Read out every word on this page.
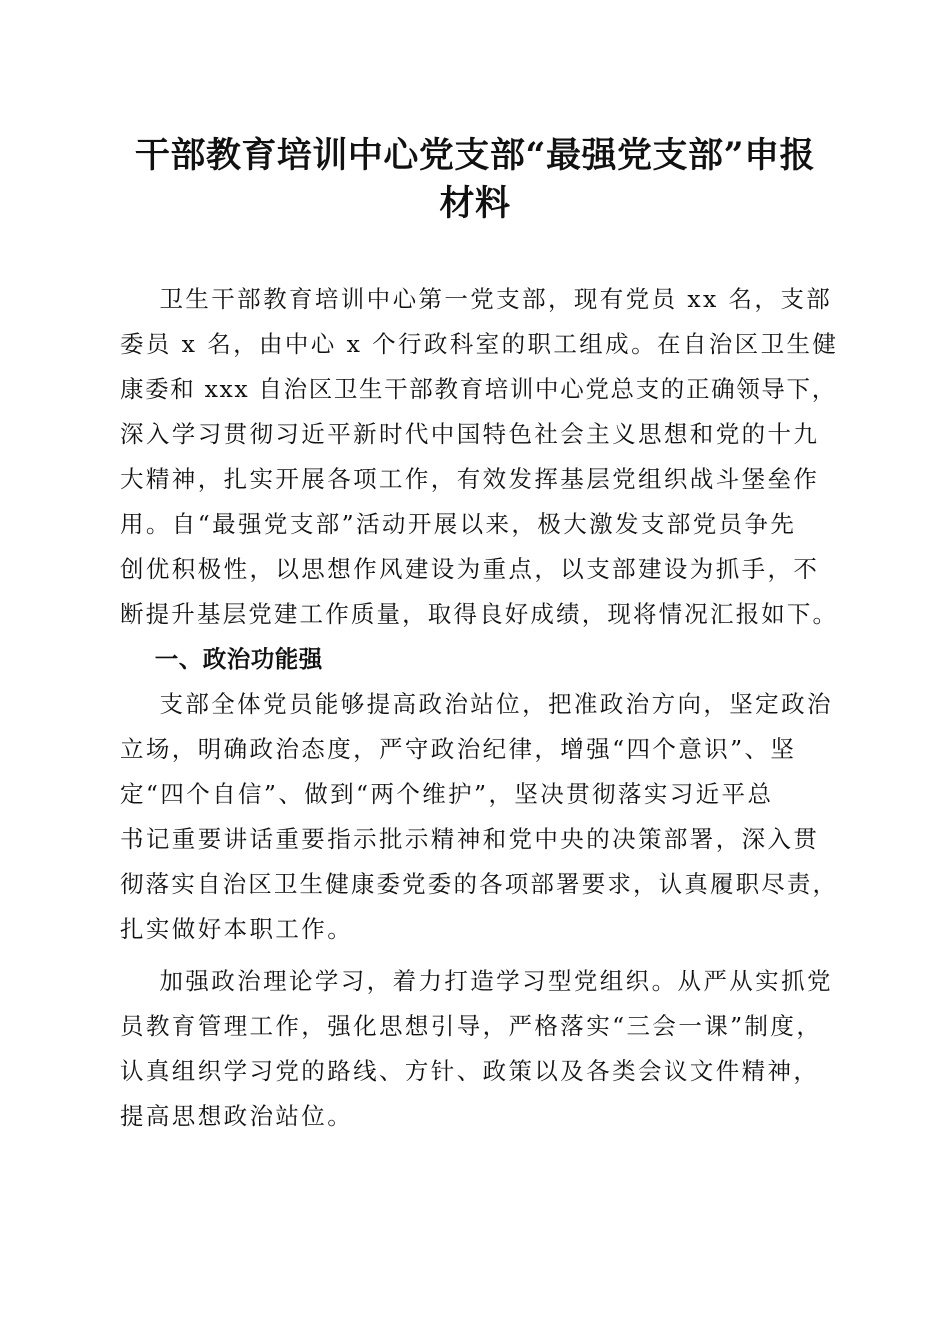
干部教育培训中心党支部“最强党支部”申报
材料
卫生干部教育培训中心第一党支部，现有党员 xx 名，支部
委员 x 名，由中心 x 个行政科室的职工组成。在自治区卫生健
康委和 xxx 自治区卫生干部教育培训中心党总支的正确领导下，
深入学习贯彻习近平新时代中国特色社会主义思想和党的十九
大精神，扎实开展各项工作，有效发挥基层党组织战斗堡垒作
用。自“最强党支部”活动开展以来，极大激发支部党员争先
创优积极性，以思想作风建设为重点，以支部建设为抓手，不
断提升基层党建工作质量，取得良好成绩，现将情况汇报如下。
一、政治功能强
支部全体党员能够提高政治站位，把准政治方向，坚定政治
立场，明确政治态度，严守政治纪律，增强“四个意识”、坚
定“四个自信”、做到“两个维护”，坚决贯彻落实习近平总
书记重要讲话重要指示批示精神和党中央的决策部署，深入贯
彻落实自治区卫生健康委党委的各项部署要求，认真履职尽责，
扎实做好本职工作。
加强政治理论学习，着力打造学习型党组织。从严从实抓党
员教育管理工作，强化思想引导，严格落实“三会一课”制度，
认真组织学习党的路线、方针、政策以及各类会议文件精神，
提高思想政治站位。
